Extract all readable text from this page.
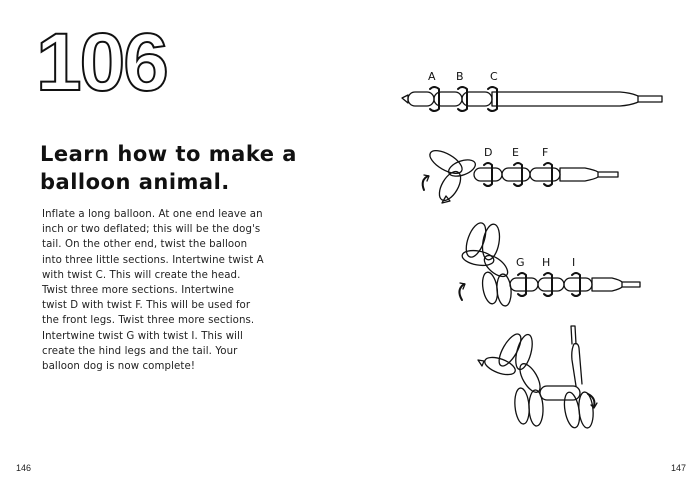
106
Learn how to make a balloon animal.

Inflate a long balloon. At one end leave an
inch or two deflated; this will be the dog's
tail. On the other end, twist the balloon
into three little sections. Intertwine twist A
with twist C. This will create the head.
Twist three more sections. Intertwine
twist D with twist F. This will be used for
the front legs. Twist three more sections.
Intertwine twist G with twist I. This will
create the hind legs and the tail. Your
balloon dog is now complete!

146
A B C
D E F
G H I
147
